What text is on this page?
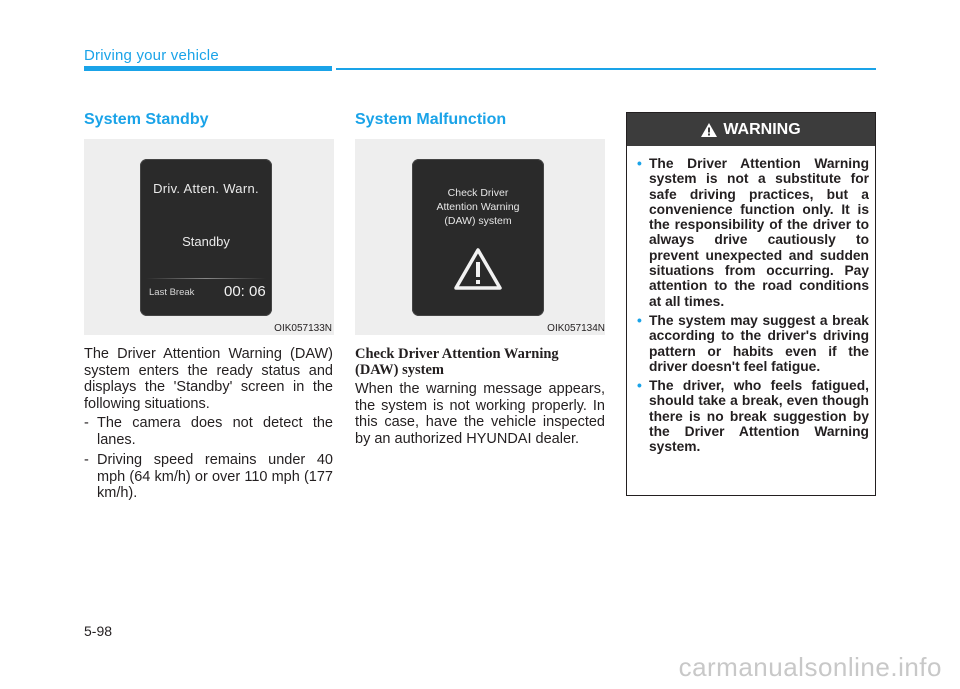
Driving your vehicle
System Standby
Driv. Atten. Warn.
Standby
Last Break 00: 06
OIK057133N

The Driver Attention Warning (DAW) system enters the ready status and displays the 'Standby' screen in the following situations.

- The camera does not detect the lanes.
- Driving speed remains under 40 mph (64 km/h) or over 110 mph (177 km/h).
System Malfunction
Check Driver
Attention Warning
(DAW) system
OIK057134N
Check Driver Attention Warning (DAW) system

When the warning message appears, the system is not working properly. In this case, have the vehicle inspected by an authorized HYUNDAI dealer.

WARNING
• The Driver Attention Warning system is not a substitute for safe driving practices, but a convenience function only. It is the responsibility of the driver to always drive cautiously to prevent unexpected and sudden situations from occurring. Pay attention to the road conditions at all times.
• The system may suggest a break according to the driver's driving pattern or habits even if the driver doesn't feel fatigue.
• The driver, who feels fatigued, should take a break, even though there is no break suggestion by the Driver Attention Warning system.
5-98
carmanualsonline.info
